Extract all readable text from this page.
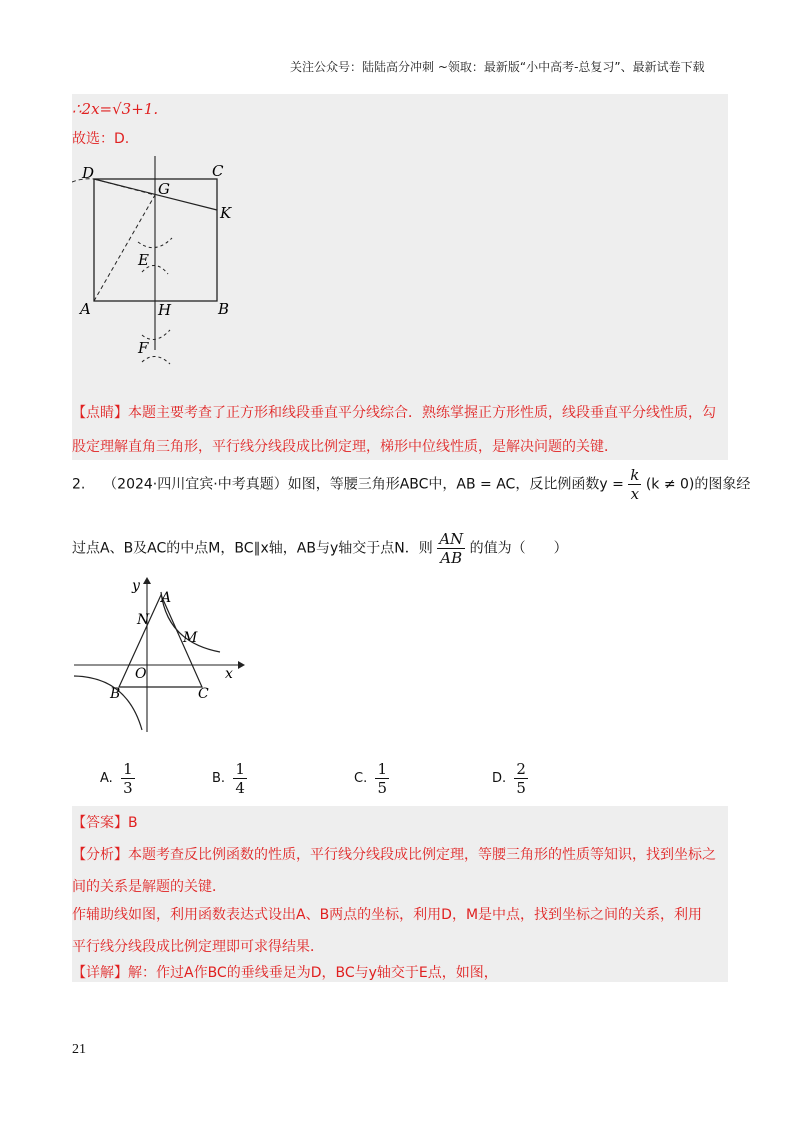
关注公众号：陆陆高分冲刺 ~领取：最新版“小中高考-总复习”、最新试卷下载
∴2x=√3+1.
故选：D.
D	C
G
K
E
A	H	B
F
【点睛】本题主要考查了正方形和线段垂直平分线综合．熟练掌握正方形性质，线段垂直平分线性质，勾
股定理解直角三角形，平行线分线段成比例定理，梯形中位线性质，是解决问题的关键．
2. （2024·四川宜宾·中考真题）如图，等腰三角形ABC中，AB = AC，反比例函数$y = \frac{k}{x} (k \ne 0)$的图象经
过点A、B及AC的中点M，BC∥x轴，AB与y轴交于点N．则 $\frac{AN}{AB}$ 的值为（　　）
A
N
M
O
B	C
y
x
A. $\frac{1}{3}$	B. $\frac{1}{4}$	C. $\frac{1}{5}$	D. $\frac{2}{5}$
【答案】B
【分析】本题考查反比例函数的性质，平行线分线段成比例定理，等腰三角形的性质等知识，找到坐标之
间的关系是解题的关键．
作辅助线如图，利用函数表达式设出A、B两点的坐标，利用D，M是中点，找到坐标之间的关系，利用
平行线分线段成比例定理即可求得结果．
【详解】解：作过A作BC的垂线垂足为D，BC与y轴交于E点，如图，
21
